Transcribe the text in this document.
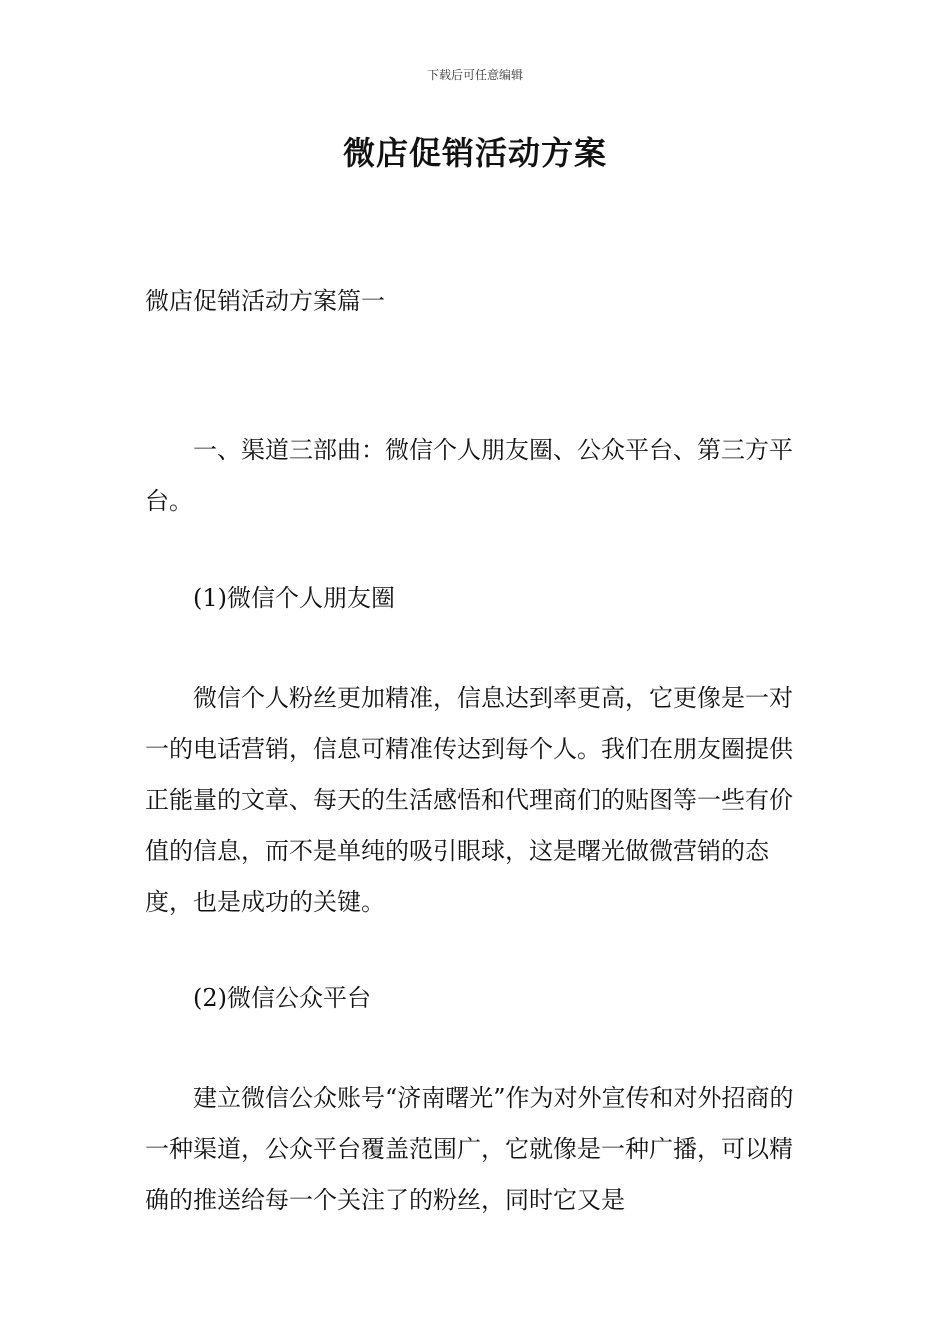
下载后可任意编辑
微店促销活动方案
微店促销活动方案篇一
一、渠道三部曲：微信个人朋友圈、公众平台、第三方平台。
(1)微信个人朋友圈
微信个人粉丝更加精准，信息达到率更高，它更像是一对一的电话营销，信息可精准传达到每个人。我们在朋友圈提供正能量的文章、每天的生活感悟和代理商们的贴图等一些有价值的信息，而不是单纯的吸引眼球，这是曙光做微营销的态度，也是成功的关键。
(2)微信公众平台
建立微信公众账号“济南曙光”作为对外宣传和对外招商的一种渠道，公众平台覆盖范围广，它就像是一种广播，可以精确的推送给每一个关注了的粉丝，同时它又是
